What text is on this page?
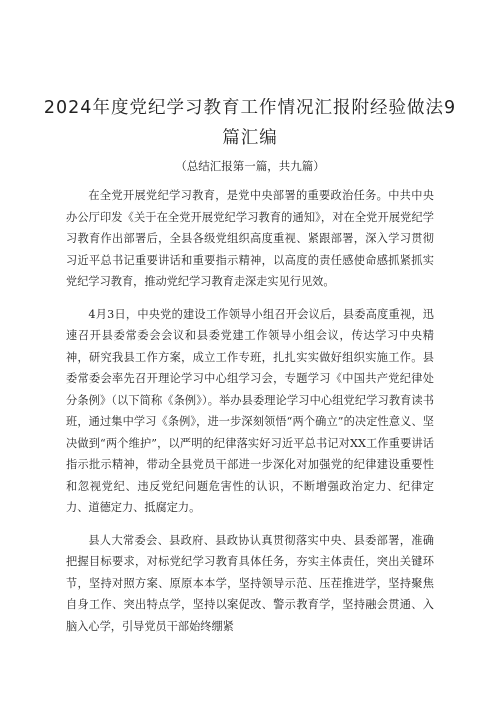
2024年度党纪学习教育工作情况汇报附经验做法9
篇汇编
（总结汇报第一篇，共九篇）

在全党开展党纪学习教育，是党中央部署的重要政治任务。中共中央办公厅印发《关于在全党开展党纪学习教育的通知》，对在全党开展党纪学习教育作出部署后，全县各级党组织高度重视、紧跟部署，深入学习贯彻习近平总书记重要讲话和重要指示精神，以高度的责任感使命感抓紧抓实党纪学习教育，推动党纪学习教育走深走实见行见效。

4月3日，中央党的建设工作领导小组召开会议后，县委高度重视，迅速召开县委常委会会议和县委党建工作领导小组会议，传达学习中央精神，研究我县工作方案，成立工作专班，扎扎实实做好组织实施工作。县委常委会率先召开理论学习中心组学习会，专题学习《中国共产党纪律处分条例》（以下简称《条例》）。举办县委理论学习中心组党纪学习教育读书班，通过集中学习《条例》，进一步深刻领悟“两个确立”的决定性意义、坚决做到“两个维护”，以严明的纪律落实好习近平总书记对XX工作重要讲话指示批示精神，带动全县党员干部进一步深化对加强党的纪律建设重要性和忽视党纪、违反党纪问题危害性的认识，不断增强政治定力、纪律定力、道德定力、抵腐定力。

县人大常委会、县政府、县政协认真贯彻落实中央、县委部署，准确把握目标要求，对标党纪学习教育具体任务，夯实主体责任，突出关键环节，坚持对照方案、原原本本学，坚持领导示范、压茬推进学，坚持聚焦自身工作、突出特点学，坚持以案促改、警示教育学，坚持融会贯通、入脑入心学，引导党员干部始终绷紧
